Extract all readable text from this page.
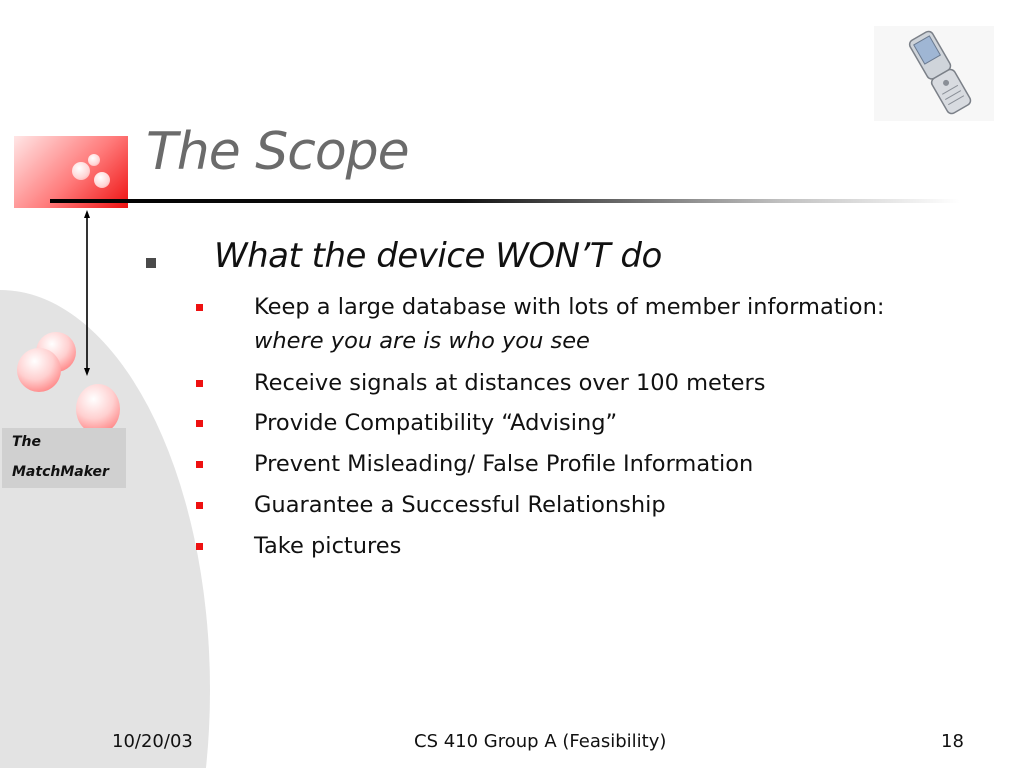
The Scope
The
MatchMaker
What the device WON’T do
Keep a large database with lots of member information:
where you are is who you see
Receive signals at distances over 100 meters
Provide Compatibility “Advising”
Prevent Misleading/ False Profile Information
Guarantee a Successful Relationship
Take pictures
10/20/03	CS 410 Group A (Feasibility)	18
